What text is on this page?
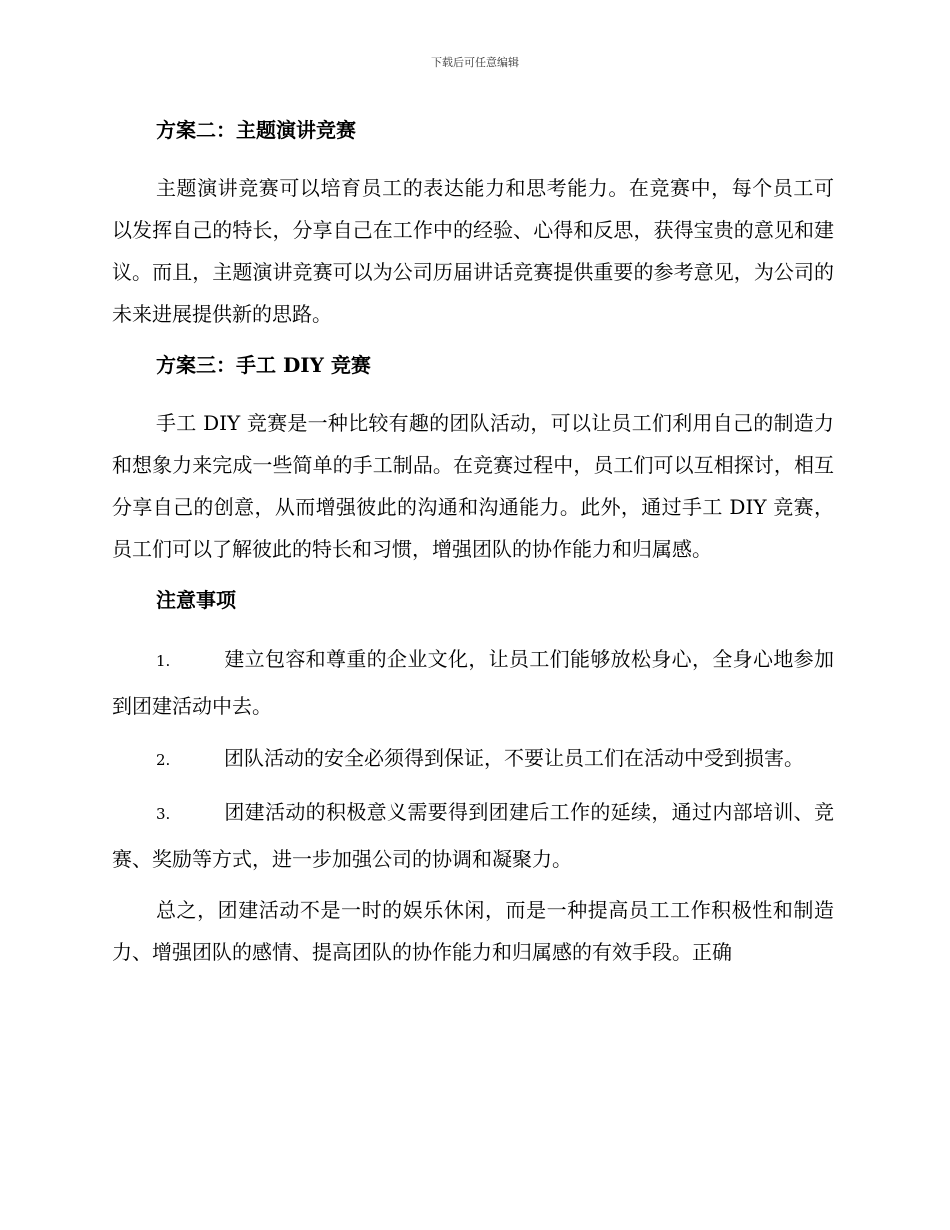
下载后可任意编辑
方案二：主题演讲竞赛
主题演讲竞赛可以培育员工的表达能力和思考能力。在竞赛中，每个员工可以发挥自己的特长，分享自己在工作中的经验、心得和反思，获得宝贵的意见和建议。而且，主题演讲竞赛可以为公司历届讲话竞赛提供重要的参考意见，为公司的未来进展提供新的思路。
方案三：手工 DIY 竞赛
手工 DIY 竞赛是一种比较有趣的团队活动，可以让员工们利用自己的制造力和想象力来完成一些简单的手工制品。在竞赛过程中，员工们可以互相探讨，相互分享自己的创意，从而增强彼此的沟通和沟通能力。此外，通过手工 DIY 竞赛，员工们可以了解彼此的特长和习惯，增强团队的协作能力和归属感。
注意事项
1.	建立包容和尊重的企业文化，让员工们能够放松身心，全身心地参加到团建活动中去。
2.	团队活动的安全必须得到保证，不要让员工们在活动中受到损害。
3.	团建活动的积极意义需要得到团建后工作的延续，通过内部培训、竞赛、奖励等方式，进一步加强公司的协调和凝聚力。
总之，团建活动不是一时的娱乐休闲，而是一种提高员工工作积极性和制造力、增强团队的感情、提高团队的协作能力和归属感的有效手段。正确
